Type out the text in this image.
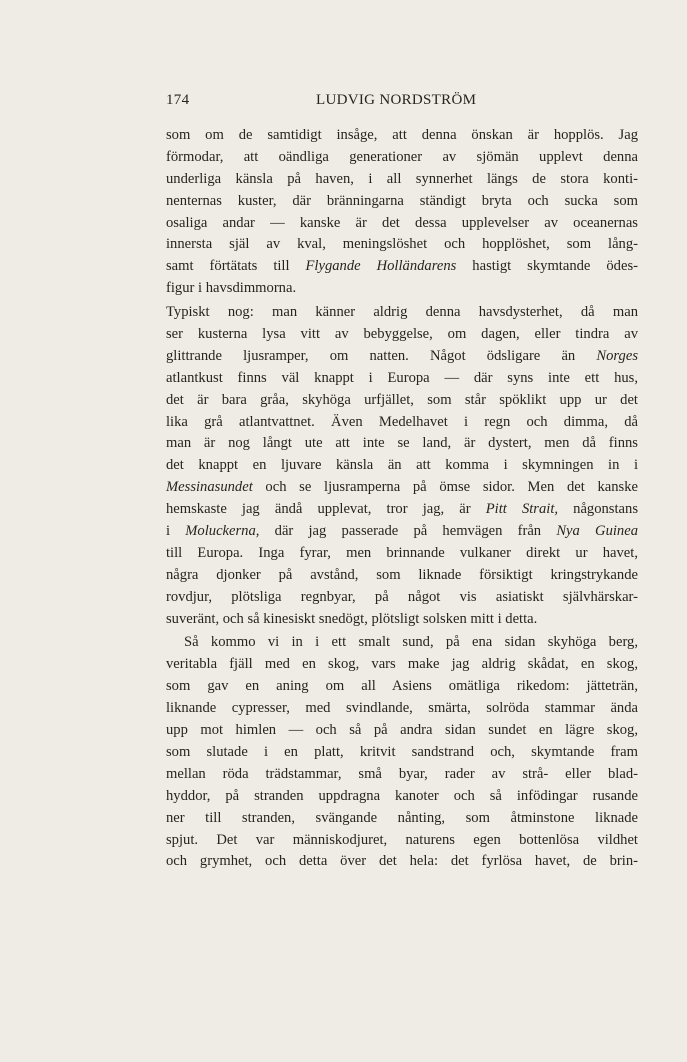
174	LUDVIG NORDSTRÖM
som om de samtidigt insåge, att denna önskan är hopplös. Jag
förmodar, att oändliga generationer av sjömän upplevt denna
underliga känsla på haven, i all synnerhet längs de stora konti-
nenternas kuster, där bränningarna ständigt bryta och sucka som
osaliga andar — kanske är det dessa upplevelser av oceanernas
innersta själ av kval, meningslöshet och hopplöshet, som lång-
samt förtätats till Flygande Holländarens hastigt skymtande ödes-
figur i havsdimmorna.
Typiskt nog: man känner aldrig denna havsdysterhet, då man
ser kusterna lysa vitt av bebyggelse, om dagen, eller tindra av
glittrande ljusramper, om natten. Något ödsligare än Norges
atlantkust finns väl knappt i Europa — där syns inte ett hus,
det är bara gråa, skyhöga urfjället, som står spöklikt upp ur det
lika grå atlantvattnet. Även Medelhavet i regn och dimma, då
man är nog långt ute att inte se land, är dystert, men då finns
det knappt en ljuvare känsla än att komma i skymningen in i
Messinasundet och se ljusramperna på ömse sidor. Men det kanske
hemskaste jag ändå upplevat, tror jag, är Pitt Strait, någonstans
i Moluckerna, där jag passerade på hemvägen från Nya Guinea
till Europa. Inga fyrar, men brinnande vulkaner direkt ur havet,
några djonker på avstånd, som liknade försiktigt kringstrykande
rovdjur, plötsliga regnbyar, på något vis asiatiskt självhärskar-
suveränt, och så kinesiskt snedögt, plötsligt solsken mitt i detta.
Så kommo vi in i ett smalt sund, på ena sidan skyhöga berg,
veritabla fjäll med en skog, vars make jag aldrig skådat, en skog,
som gav en aning om all Asiens omätliga rikedom: jätteträn,
liknande cypresser, med svindlande, smärta, solröda stammar ända
upp mot himlen — och så på andra sidan sundet en lägre skog,
som slutade i en platt, kritvit sandstrand och, skymtande fram
mellan röda trädstammar, små byar, rader av strå- eller blad-
hyddor, på stranden uppdragna kanoter och så infödingar rusande
ner till stranden, svängande nånting, som åtminstone liknade
spjut. Det var människodjuret, naturens egen bottenlösa vildhet
och grymhet, och detta över det hela: det fyrlösa havet, de brin-
